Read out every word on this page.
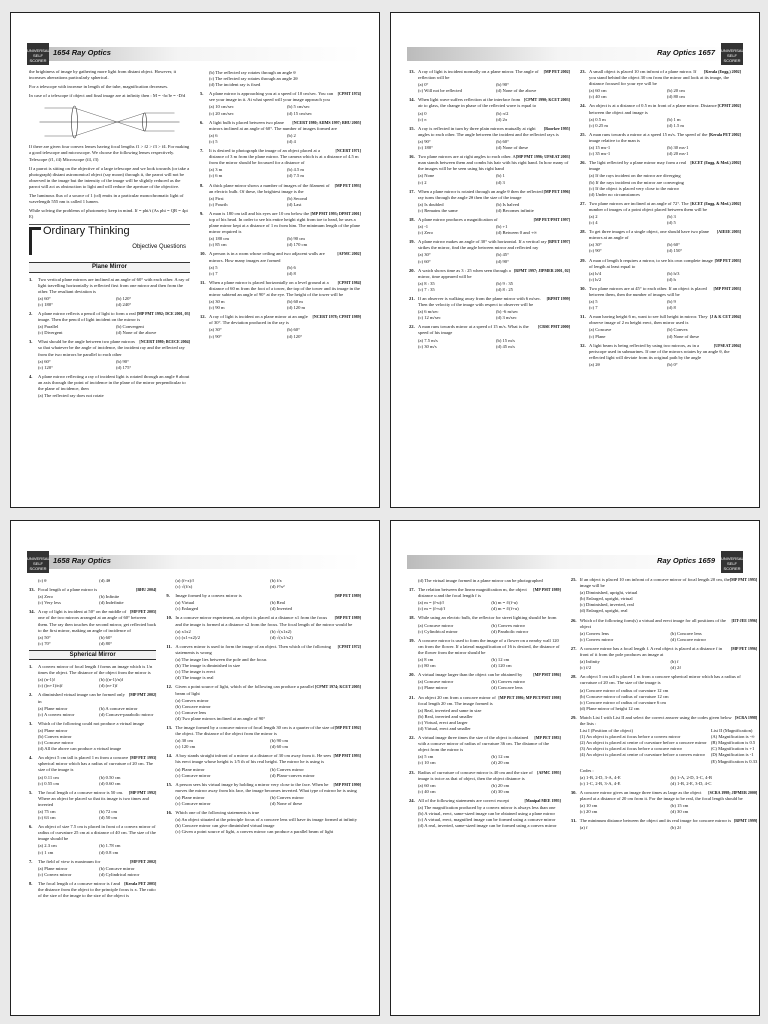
UNIVERSAL SELF SCORER
1654 Ray Optics
the brightness of image by gathering more light from distant object. However, it increases aberrations particularly spherical.
For a telescope with increase in length of the tube, magnification decreases.
In case of a telescope if object and final image are at infinity then : M = -fo/fe = -D/d
If there are given four convex lenses having focal lengths f1 > f2 > f3 > f4. For making a good telescope and microscope. We choose the following lenses respectively. Telescope (f1, f4) Microscope (f4, f3)
If a parrot is sitting on the objective of a large telescope and we look towards (or take a photograph) distant astronomical object (say moon) through it, the parrot will not be observed in the image but the intensity of the image will be slightly reduced as the parrot will act as obstruction to light and will reduce the aperture of the objective.
The luminous flux of a source of 1 (cd) emits in a particular monochromatic light of wavelength 555 nm is called 1 lumen.
While solving the problems of photometry keep in mind. If = phi/t (As phi = QR = 4pi E)
Ordinary Thinking
Objective Questions
Plane Mirror
1. Two vertical plane mirrors are inclined at an angle of 60° with each other. A ray of light travelling horizontally is reflected first from one mirror and then from the other. The resultant deviation is
(a) 60°	(b) 120°
(c) 180°	(d) 240°
2.	[MP PMT 1992; DCE 2001, 03]
A plane mirror reflects a pencil of light to form a real image. Then the pencil of light incident on the mirror is
(a) Parallel	(b) Convergent
(c) Divergent	(d) None of the above
3.	[NCERT 1980; BCECE 2004]
What should be the angle between two plane mirrors so that whatever be the angle of incidence, the incident ray and the reflected ray from the two mirrors be parallel to each other
(a) 60°	(b) 90°
(c) 120°	(d) 175°
4. A plane mirror reflecting a ray of incident light is rotated through an angle θ about an axis through the point of incidence in the plane of the mirror perpendicular to the plane of incidence, then
(a) The reflected ray does not rotate
(b) The reflected ray rotates through an angle θ
(c) The reflected ray rotates through an angle 2θ
(d) The incident ray is fixed
5.	[CPMT 1974]
A plane mirror is approaching you at a speed of 10 cm/sec. You can see your image in it. At what speed will your image approach you
(a) 10 cm/sec	(b) 5 cm/sec
(c) 20 cm/sec	(d) 15 cm/sec
6.	[NCERT 1980; AIIMS 1997; BHU 2005]
A light bulb is placed between two plane mirrors inclined at an angle of 60°. The number of images formed are
(a) 6	(b) 2
(c) 5	(d) 4
7.	[NCERT 1971]
It is desired to photograph the image of an object placed at a distance of 3 m from the plane mirror. The camera which is at a distance of 4.5 m from the mirror should be focussed for a distance of
(a) 3 m	(b) 4.5 m
(c) 6 m	(d) 7.5 m
8.	[MP PET 1993]
A thick plane mirror shows a number of images of the filament of an electric bulb. Of these, the brightest image is the
(a) First	(b) Second
(c) Fourth	(d) Last
9.	[MP PMT 1993; DPMT 2001]
A man is 180 cm tall and his eyes are 10 cm below the top of his head. In order to see his entire height right from toe to head, he uses a plane mirror kept at a distance of 1 m from him. The minimum length of the plane mirror required is
(a) 180 cm	(b) 90 cm
(c) 85 cm	(d) 170 cm
10.	[AFMC 2002]
A person is in a room whose ceiling and two adjacent walls are mirrors. How many images are formed
(a) 5	(b) 6
(c) 7	(d) 8
11.	[CPMT 1984]
When a plane mirror is placed horizontally on a level ground at a distance of 60 m from the foot of a tower, the top of the tower and its image in the mirror subtend an angle of 90° at the eye. The height of the tower will be
(a) 30 m	(b) 60 m
(c) 90 m	(d) 120 m
12.	[NCERT 1978; CPMT 1989]
A ray of light is incident on a plane mirror at an angle of 30°. The deviation produced in the ray is
(a) 30°	(b) 60°
(c) 90°	(d) 120°
UNIVERSAL SELF SCORER
Ray Optics 1657
13.	[MP PET 2002]
A ray of light is incident normally on a plane mirror. The angle of reflection will be
(a) 0°	(b) 90°
(c) Will not be reflected	(d) None of the above
14.	[CPMT 1990; KCET 2003]
When light wave suffers reflection at the interface from air to glass, the change in phase of the reflected wave is equal to
(a) 0	(b) π/2
(c) π	(d) 2π
15.	[Roorkee 1995]
A ray is reflected in turn by three plain mirrors mutually at right angles to each other. The angle between the incident and the reflected rays is
(a) 90°	(b) 60°
(c) 180°	(d) None of these
16.	[MP PMT 1996; UPSEAT 2003]
Two plane mirrors are at right angles to each other. A man stands between them and combs his hair with his right hand. In how many of the images will he be seen using his right hand
(a) None	(b) 1
(c) 2	(d) 3
17.	[MP PET 1996]
When a plane mirror is rotated through an angle θ then the reflected ray turns through the angle 2θ then the size of the image
(a) Is doubled	(b) Is halved
(c) Remains the same	(d) Becomes infinite
18.	[MP PET/PMT 1997]
A plane mirror produces a magnification of
(a) -1	(b) +1
(c) Zero	(d) Between 0 and +∞
19.	[RPET 1997]
A plane mirror makes an angle of 30° with horizontal. If a vertical ray strikes the mirror, find the angle between mirror and reflected ray
(a) 30°	(b) 45°
(c) 60°	(d) 90°
20.	[RPMT 1997; JIPMER 2001, 02]
A watch shows time as 3 : 25 when seen through a mirror, time appeared will be
(a) 8 : 35	(b) 9 : 35
(c) 7 : 35	(d) 8 : 25
21.	[RPMT 1999]
If an observer is walking away from the plane mirror with 6 m/sec. Then the velocity of the image with respect to observer will be
(a) 6 m/sec	(b) -6 m/sec
(c) 12 m/sec	(d) 3 m/sec
22.	[CBSE PMT 2000]
A man runs towards mirror at a speed of 15 m/s. What is the speed of his image
(a) 7.5 m/s	(b) 15 m/s
(c) 30 m/s	(d) 45 m/s
23.	[Kerala (Engg.) 2002]
A small object is placed 10 cm infront of a plane mirror. If you stand behind the object 30 cm from the mirror and look at its image, the distance focused for your eye will be
(a) 60 cm	(b) 20 cm
(c) 40 cm	(d) 80 cm
24.	[CPMT 2002]
An object is at a distance of 0.5 m in front of a plane mirror. Distance between the object and image is
(a) 0.5 m	(b) 1 m
(c) 0.25 m	(d) 1.5 m
25.	[Kerala PET 2002]
A man runs towards a mirror at a speed 15 m/s. The speed of the image relative to the man is
(a) 15 ms-1	(b) 30 ms-1
(c) 35 ms-1	(d) 20 ms-1
26.	[KCET (Engg. & Med.) 2002]
The light reflected by a plane mirror may form a real image
(a) If the rays incident on the mirror are diverging
(b) If the rays incident on the mirror are converging
(c) If the object is placed very close to the mirror
(d) Under no circumstances
27.	[KCET (Engg. & Med.) 2002]
Two plane mirrors are inclined at an angle of 72°. The number of images of a point object placed between them will be
(a) 2	(b) 3
(c) 4	(d) 5
28.	[AIEEE 2003]
To get three images of a single object, one should have two plane mirrors at an angle of
(a) 30°	(b) 60°
(c) 90°	(d) 150°
29.	[MP PET 2003]
A man of length h requires a mirror, to see his own complete image of length at least equal to
(a) h/4	(b) h/3
(c) h/2	(d) h
30.	[MP PMT 2003]
Two plane mirrors are at 45° to each other. If an object is placed between them, then the number of images will be
(a) 5	(b) 9
(c) 7	(d) 8
31.	[J & K CET 2004]
A man having height 6 m, want to see full height in mirror. They observe image of 2 m height erect, then mirror used is
(a) Concave	(b) Convex
(c) Plane	(d) None of these
32.	[UPSEAT 2004]
A light beam is being reflected by using two mirrors, as in a periscope used in submarines. If one of the mirrors rotates by an angle θ, the reflected light will deviate from its original path by the angle
(a) 2θ	(b) 0°
UNIVERSAL SELF SCORER
1658 Ray Optics
(c) θ	(d) 4θ
33.	[BHU 2004]
Focal length of a plane mirror is
(a) Zero	(b) Infinite
(c) Very less	(d) Indefinite
34.	[MP PET 2005]
A ray of light is incident at 50° on the middle of one of the two mirrors arranged at an angle of 60° between them. The ray then touches the second mirror, get reflected back to the first mirror, making an angle of incidence of
(a) 50°	(b) 60°
(c) 70°	(d) 80°
Spherical Mirror
1. A convex mirror of focal length f forms an image which is 1/n times the object. The distance of the object from the mirror is
(a) (n-1)f	(b) ((n-1)/n)f
(c) ((n+1)/n)f	(d) (n+1)f
2.	[MP PMT 2002]
A diminished virtual image can be formed only in
(a) Plane mirror	(b) A concave mirror
(c) A convex mirror	(d) Concave-parabolic mirror
3. Which of the following could not produce a virtual image
(a) Plane mirror
(b) Convex mirror
(c) Concave mirror
(d) All the above can produce a virtual image
4.	[MP PET 1993]
An object 5 cm tall is placed 1 m from a concave spherical mirror which has a radius of curvature of 20 cm. The size of the image is
(a) 0.11 cm	(b) 0.50 cm
(c) 0.55 cm	(d) 0.60 cm
5.	[MP PMT 1992]
The focal length of a concave mirror is 50 cm. Where an object be placed so that its image is two times and inverted
(a) 75 cm	(b) 72 cm
(c) 63 cm	(d) 50 cm
6. An object of size 7.5 cm is placed in front of a convex mirror of radius of curvature 25 cm at a distance of 40 cm. The size of the image should be
(a) 2.3 cm	(b) 1.78 cm
(c) 1 cm	(d) 0.8 cm
7.	[MP PET 2002]
The field of view is maximum for
(a) Plane mirror	(b) Concave mirror
(c) Convex mirror	(d) Cylindrical mirror
8.	[Kerala PET 2005]
The focal length of a concave mirror is f and the distance from the object to the principle focus is x. The ratio of the size of the image to the size of the object is
(a) (f+x)/f	(b) f/x
(c) √(f/x)	(d) f²/x²
9.	[MP PET 1989]
Image formed by a convex mirror is
(a) Virtual	(b) Real
(c) Enlarged	(d) Inverted
10.	[MP PET 1989]
In a concave mirror experiment, an object is placed at a distance x1 from the focus and the image is formed at a distance x2 from the focus. The focal length of the mirror would be
(a) x1x2	(b) √(x1x2)
(c) (x1+x2)/2	(d) √(x1/x2)
11.	[CPMT 1972]
A convex mirror is used to form the image of an object. Then which of the following statements is wrong
(a) The image lies between the pole and the focus
(b) The image is diminished in size
(c) The image is erect
(d) The image is real
12.	[CPMT 1974; KCET 2005]
Given a point source of light, which of the following can produce a parallel beam of light
(a) Convex mirror
(b) Concave mirror
(c) Concave lens
(d) Two plane mirrors inclined at an angle of 90°
13.	[MP PET 1992]
The image formed by a concave mirror of focal length 30 cm is a quarter of the size of the object. The distance of the object from the mirror is
(a) 30 cm	(b) 90 cm
(c) 120 cm	(d) 60 cm
14.	[MP PMT 1993]
A boy stands straight infront of a mirror at a distance of 30 cm away from it. He sees his erect image whose height is 1/5 th of his real height. The mirror he is using is
(a) Plane mirror	(b) Convex mirror
(c) Concave mirror	(d) Plano-convex mirror
15.	[MP PMT 1990]
A person sees his virtual image by holding a mirror very close to the face. When he moves the mirror away from his face, the image becomes inverted. What type of mirror he is using
(a) Plane mirror	(b) Convex mirror
(c) Concave mirror	(d) None of these
16. Which one of the following statements is true
(a) An object situated at the principle focus of a concave lens will have its image formed at infinity
(b) Concave mirror can give diminished virtual image
(c) Given a point source of light, a convex mirror can produce a parallel beam of light
UNIVERSAL SELF SCORER
Ray Optics 1659
(d) The virtual image formed in a plane mirror can be photographed
17.	[MP PMT 1989]
The relation between the linear magnification m, the object distance u and the focal length f is
(a) m = (f-u)/f	(b) m = f/(f-u)
(c) m = (f+u)/f	(d) m = f/(f+u)
18. While using an electric bulb, the reflector for street lighting should be from
(a) Concave mirror	(b) Convex mirror
(c) Cylindrical mirror	(d) Parabolic mirror
19. A concave mirror is used to form the image of a flower on a nearby wall 120 cm from the flower. If a lateral magnification of 16 is desired, the distance of the flower from the mirror should be
(a) 8 cm	(b) 12 cm
(c) 80 cm	(d) 120 cm
20.	[MP PMT 1986]
A virtual image larger than the object can be obtained by
(a) Concave mirror	(b) Convex mirror
(c) Plane mirror	(d) Concave lens
21.	[MP PET 1986; MP PET/PMT 1998]
An object 20 cm from a concave mirror of focal length 20 cm. The image formed is
(a) Real, inverted and same in size
(b) Real, inverted and smaller
(c) Virtual, erect and larger
(d) Virtual, erect and smaller
22.	[MP PET 1983]
A virtual image three times the size of the object is obtained with a concave mirror of radius of curvature 36 cm. The distance of the object from the mirror is
(a) 5 cm	(b) 12 cm
(c) 10 cm	(d) 20 cm
23.	[AFMC 1995]
Radius of curvature of concave mirror is 40 cm and the size of image is twice as that of object, then the object distance is
(a) 60 cm	(b) 20 cm
(c) 40 cm	(d) 30 cm
24.	[Manipal MEE 1995]
All of the following statements are correct except
(a) The magnification produced by a convex mirror is always less than one
(b) A virtual, erect, same-sized image can be obtained using a plane mirror
(c) A virtual, erect, magnified image can be formed using a concave mirror
(d) A real, inverted, same-sized image can be formed using a convex mirror
25.	[MP PMT 1995]
If an object is placed 10 cm infront of a concave mirror of focal length 20 cm, the image will be
(a) Diminished, upright, virtual
(b) Enlarged, upright, virtual
(c) Diminished, inverted, real
(d) Enlarged, upright, real
26.	[IIT-JEE 1996]
Which of the following form(s) a virtual and erect image for all positions of the object
(a) Convex lens	(b) Concave lens
(c) Convex mirror	(d) Concave mirror
27.	[MP PET 1996]
A concave mirror has a focal length f. A real object is placed at a distance f in front of it from the pole produces an image at
(a) Infinity	(b) f
(c) f/2	(d) 2f
28. An object 5 cm tall is placed 1 m from a concave spherical mirror which has a radius of curvature of 20 cm. The size of the image is
(a) Concave mirror of radius of curvature 12 cm
(b) Concave mirror of radius of curvature 12 cm
(c) Concave mirror of radius of curvature 6 cm
(d) Plane mirror of height 12 cm
29.	[SCRA 1998]
Match List I with List II and select the correct answer using the codes given below the lists :
List I (Position of the object)	List II (Magnification)
(1) An object is placed at focus before a convex mirror	(A) Magnification is -∞
(2) An object is placed at centre of curvature before a concave mirror (B) Magnification is 0.5
(3) An object is placed at focus before a concave mirror	(C) Magnification is +1
(4) An object is placed at centre of curvature before a convex mirror	(D) Magnification is -1
(E) Magnification is 0.33
Codes :
(a) 1-B, 2-D, 3-A, 4-E	(b) 1-A, 2-D, 3-C, 4-B
(c) 1-C, 2-B, 3-A, 4-E	(d) 1-B, 2-E, 3-D, 4-C
30.	[SCRA 1998; JIPMER 2000]
A concave mirror gives an image three times as large as the object placed at a distance of 20 cm from it. For the image to be real, the focal length should be
(a) 10 cm	(b) 15 cm
(c) 20 cm	(d) 30 cm
31.	[RPMT 1999]
The minimum distance between the object and its real image for concave mirror is
(a) f	(b) 2f
